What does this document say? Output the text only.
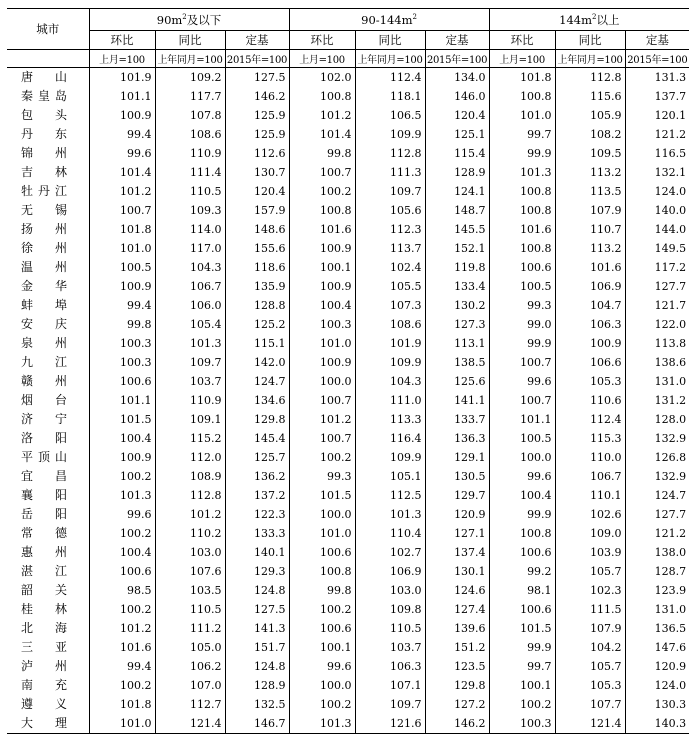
城市	$90m^2$及以下			$90-144m^2$			$144m^2$以上		
	环比	同比	定基	环比	同比	定基	环比	同比	定基
	上月=100	上年同月=100	2015年=100	上月=100	上年同月=100	2015年=100	上月=100	上年同月=100	2015年=100

唐 山	101.9	109.2	127.5	102.0	112.4	134.0	101.8	112.8	131.3

秦 皇 岛	101.1	117.7	146.2	100.8	118.1	146.0	100.8	115.6	137.7

包 头	100.9	107.8	125.9	101.2	106.5	120.4	101.0	105.9	120.1

丹 东	99.4	108.6	125.9	101.4	109.9	125.1	99.7	108.2	121.2

锦 州	99.6	110.9	112.6	99.8	112.8	115.4	99.9	109.5	116.5

吉 林	101.4	111.4	130.7	100.7	111.3	128.9	101.3	113.2	132.1

牡 丹 江	101.2	110.5	120.4	100.2	109.7	124.1	100.8	113.5	124.0

无 锡	100.7	109.3	157.9	100.8	105.6	148.7	100.8	107.9	140.0

扬 州	101.8	114.0	148.6	101.6	112.3	145.5	101.6	110.7	144.0

徐 州	101.0	117.0	155.6	100.9	113.7	152.1	100.8	113.2	149.5

温 州	100.5	104.3	118.6	100.1	102.4	119.8	100.6	101.6	117.2

金 华	100.9	106.7	135.9	100.9	105.5	133.4	100.5	106.9	127.7

蚌 埠	99.4	106.0	128.8	100.4	107.3	130.2	99.3	104.7	121.7

安 庆	99.8	105.4	125.2	100.3	108.6	127.3	99.0	106.3	122.0

泉 州	100.3	101.3	115.1	101.0	101.9	113.1	99.9	100.9	113.8

九 江	100.3	109.7	142.0	100.9	109.9	138.5	100.7	106.6	138.6

赣 州	100.6	103.7	124.7	100.0	104.3	125.6	99.6	105.3	131.0

烟 台	101.1	110.9	134.6	100.7	111.0	141.1	100.7	110.6	131.2

济 宁	101.5	109.1	129.8	101.2	113.3	133.7	101.1	112.4	128.0

洛 阳	100.4	115.2	145.4	100.7	116.4	136.3	100.5	115.3	132.9

平 顶 山	100.9	112.0	125.7	100.2	109.9	129.1	100.0	110.0	126.8

宜 昌	100.2	108.9	136.2	99.3	105.1	130.5	99.6	106.7	132.9

襄 阳	101.3	112.8	137.2	101.5	112.5	129.7	100.4	110.1	124.7

岳 阳	99.6	101.2	122.3	100.0	101.3	120.9	99.9	102.6	127.7

常 德	100.2	110.2	133.3	101.0	110.4	127.1	100.8	109.0	121.2

惠 州	100.4	103.0	140.1	100.6	102.7	137.4	100.6	103.9	138.0

湛 江	100.6	107.6	129.3	100.8	106.9	130.1	99.2	105.7	128.7

韶 关	98.5	103.5	124.8	99.8	103.0	124.6	98.1	102.3	123.9

桂 林	100.2	110.5	127.5	100.2	109.8	127.4	100.6	111.5	131.0

北 海	101.2	111.2	141.3	100.6	110.5	139.6	101.5	107.9	136.5

三 亚	101.6	105.0	151.7	100.1	103.7	151.2	99.9	104.2	147.6

泸 州	99.4	106.2	124.8	99.6	106.3	123.5	99.7	105.7	120.9

南 充	100.2	107.0	128.9	100.0	107.1	129.8	100.1	105.3	124.0

遵 义	101.8	112.7	132.5	100.2	109.7	127.2	100.2	107.7	130.3

大 理	101.0	121.4	146.7	101.3	121.6	146.2	100.3	121.4	140.3
